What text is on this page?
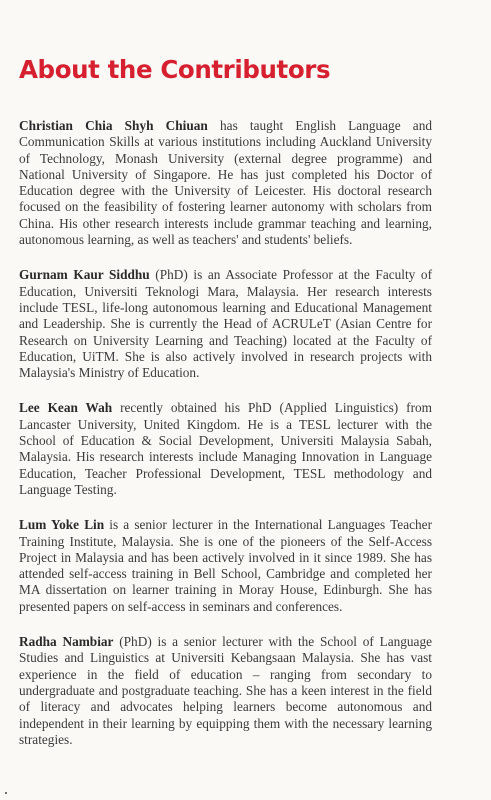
About the Contributors

Christian Chia Shyh Chiuan has taught English Language and Communication Skills at various institutions including Auckland University of Technology, Monash University (external degree programme) and National University of Singapore. He has just completed his Doctor of Education degree with the University of Leicester. His doctoral research focused on the feasibility of fostering learner autonomy with scholars from China. His other research interests include grammar teaching and learning, autonomous learning, as well as teachers' and students' beliefs.

Gurnam Kaur Siddhu (PhD) is an Associate Professor at the Faculty of Education, Universiti Teknologi Mara, Malaysia. Her research interests include TESL, life-long autonomous learning and Educational Management and Leadership. She is currently the Head of ACRULeT (Asian Centre for Research on University Learning and Teaching) located at the Faculty of Education, UiTM. She is also actively involved in research projects with Malaysia's Ministry of Education.

Lee Kean Wah recently obtained his PhD (Applied Linguistics) from Lancaster University, United Kingdom. He is a TESL lecturer with the School of Education & Social Development, Universiti Malaysia Sabah, Malaysia. His research interests include Managing Innovation in Language Education, Teacher Professional Development, TESL methodology and Language Testing.

Lum Yoke Lin is a senior lecturer in the International Languages Teacher Training Institute, Malaysia. She is one of the pioneers of the Self-Access Project in Malaysia and has been actively involved in it since 1989. She has attended self-access training in Bell School, Cambridge and completed her MA dissertation on learner training in Moray House, Edinburgh. She has presented papers on self-access in seminars and conferences.

Radha Nambiar (PhD) is a senior lecturer with the School of Language Studies and Linguistics at Universiti Kebangsaan Malaysia. She has vast experience in the field of education – ranging from secondary to undergraduate and postgraduate teaching. She has a keen interest in the field of literacy and advocates helping learners become autonomous and independent in their learning by equipping them with the necessary learning strategies.
